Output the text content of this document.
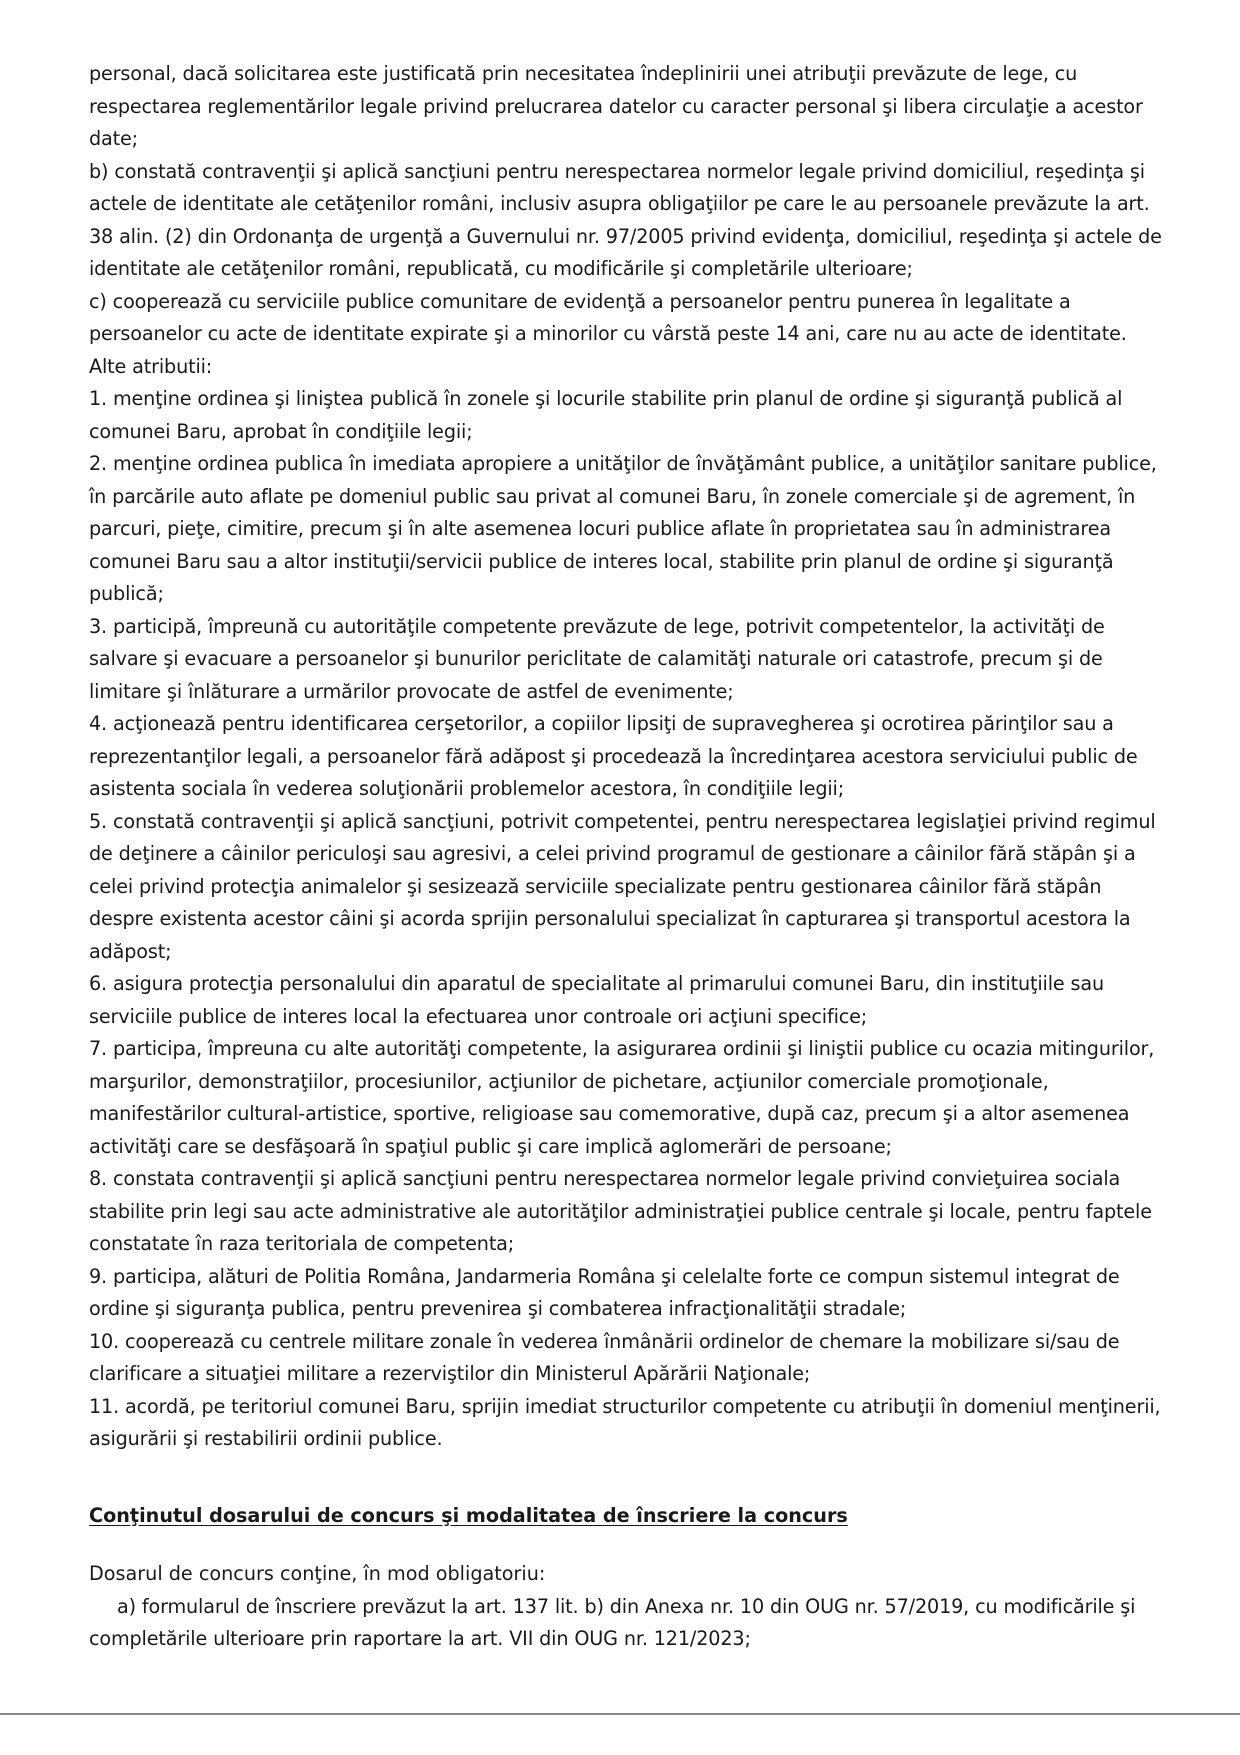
personal, dacă solicitarea este justificată prin necesitatea îndeplinirii unei atribuţii prevăzute de lege, cu respectarea reglementărilor legale privind prelucrarea datelor cu caracter personal şi libera circulaţie a acestor date;

b) constată contravenţii şi aplică sancţiuni pentru nerespectarea normelor legale privind domiciliul, reşedinţa şi actele de identitate ale cetăţenilor români, inclusiv asupra obligaţiilor pe care le au persoanele prevăzute la art. 38 alin. (2) din Ordonanţa de urgenţă a Guvernului nr. 97/2005 privind evidenţa, domiciliul, reşedinţa şi actele de identitate ale cetăţenilor români, republicată, cu modificările şi completările ulterioare;

c) cooperează cu serviciile publice comunitare de evidenţă a persoanelor pentru punerea în legalitate a persoanelor cu acte de identitate expirate şi a minorilor cu vârstă peste 14 ani, care nu au acte de identitate.

Alte atributii:

1. menţine ordinea şi liniştea publică în zonele şi locurile stabilite prin planul de ordine şi siguranţă publică al comunei Baru, aprobat în condiţiile legii;

2. menţine ordinea publica în imediata apropiere a unităţilor de învăţământ publice, a unităţilor sanitare publice, în parcările auto aflate pe domeniul public sau privat al comunei Baru, în zonele comerciale şi de agrement, în parcuri, pieţe, cimitire, precum şi în alte asemenea locuri publice aflate în proprietatea sau în administrarea comunei Baru sau a altor instituţii/servicii publice de interes local, stabilite prin planul de ordine şi siguranţă publică;

3. participă, împreună cu autorităţile competente prevăzute de lege, potrivit competentelor, la activităţi de salvare şi evacuare a persoanelor şi bunurilor periclitate de calamităţi naturale ori catastrofe, precum şi de limitare şi înlăturare a urmărilor provocate de astfel de evenimente;

4. acţionează pentru identificarea cerşetorilor, a copiilor lipsiţi de supravegherea şi ocrotirea părinţilor sau a reprezentanţilor legali, a persoanelor fără adăpost şi procedează la încredinţarea acestora serviciului public de asistenta sociala în vederea soluţionării problemelor acestora, în condiţiile legii;

5. constată contravenţii şi aplică sancţiuni, potrivit competentei, pentru nerespectarea legislaţiei privind regimul de deţinere a câinilor periculoşi sau agresivi, a celei privind programul de gestionare a câinilor fără stăpân şi a celei privind protecţia animalelor şi sesizează serviciile specializate pentru gestionarea câinilor fără stăpân despre existenta acestor câini şi acorda sprijin personalului specializat în capturarea şi transportul acestora la adăpost;

6. asigura protecţia personalului din aparatul de specialitate al primarului comunei Baru, din instituţiile sau serviciile publice de interes local la efectuarea unor controale ori acţiuni specifice;

7. participa, împreuna cu alte autorităţi competente, la asigurarea ordinii şi liniştii publice cu ocazia mitingurilor, marşurilor, demonstraţiilor, procesiunilor, acţiunilor de pichetare, acţiunilor comerciale promoţionale, manifestărilor cultural-artistice, sportive, religioase sau comemorative, după caz, precum şi a altor asemenea activităţi care se desfăşoară în spaţiul public şi care implică aglomerări de persoane;

8. constata contravenţii şi aplică sancţiuni pentru nerespectarea normelor legale privind convieţuirea sociala stabilite prin legi sau acte administrative ale autorităţilor administraţiei publice centrale şi locale, pentru faptele constatate în raza teritoriala de competenta;

9. participa, alături de Politia Româna, Jandarmeria Româna şi celelalte forte ce compun sistemul integrat de ordine şi siguranţa publica, pentru prevenirea şi combaterea infracţionalităţii stradale;

10. cooperează cu centrele militare zonale în vederea înmânării ordinelor de chemare la mobilizare si/sau de clarificare a situaţiei militare a rezerviştilor din Ministerul Apărării Naţionale;

11. acordă, pe teritoriul comunei Baru, sprijin imediat structurilor competente cu atribuţii în domeniul menţinerii, asigurării şi restabilirii ordinii publice.

Conţinutul dosarului de concurs şi modalitatea de înscriere la concurs

Dosarul de concurs conţine, în mod obligatoriu:

a) formularul de înscriere prevăzut la art. 137 lit. b) din Anexa nr. 10 din OUG nr. 57/2019, cu modificările şi completările ulterioare prin raportare la art. VII din OUG nr. 121/2023;
